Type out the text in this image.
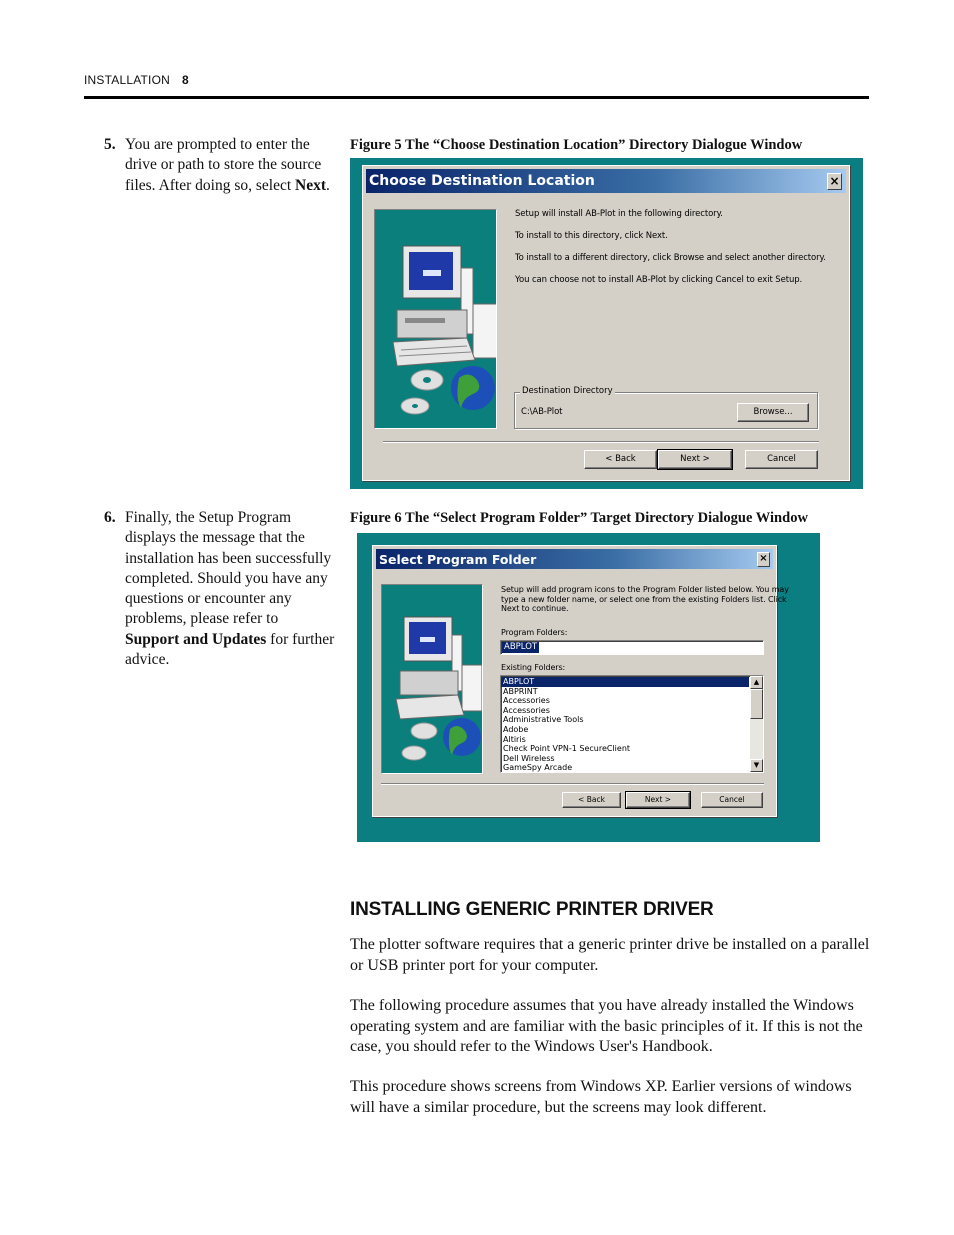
INSTALLATION 8
5. You are prompted to enter the drive or path to store the source files. After doing so, select Next.
Figure 5 The “Choose Destination Location” Directory Dialogue Window
Choose Destination Location	×
Setup will install AB-Plot in the following directory.
To install to this directory, click Next.
To install to a different directory, click Browse and select another directory.
You can choose not to install AB-Plot by clicking Cancel to exit Setup.
Destination Directory
C:\AB-Plot	Browse...
< Back	Next >	Cancel
6. Finally, the Setup Program displays the message that the installation has been successfully completed. Should you have any questions or encounter any problems, please refer to Support and Updates for further advice.
Figure 6 The “Select Program Folder” Target Directory Dialogue Window
Select Program Folder	×
Setup will add program icons to the Program Folder listed below. You may
type a new folder name, or select one from the existing Folders list. Click
Next to continue.
Program Folders:
ABPLOT
Existing Folders:
ABPLOT
ABPRINT
Accessories
Accessories
Administrative Tools
Adobe
Altiris
Check Point VPN-1 SecureClient
Dell Wireless
GameSpy Arcade
▲
▼
< Back	Next >	Cancel
INSTALLING GENERIC PRINTER DRIVER
The plotter software requires that a generic printer drive be installed on a parallel or USB printer port for your computer.
The following procedure assumes that you have already installed the Windows operating system and are familiar with the basic principles of it. If this is not the case, you should refer to the Windows User's Handbook.
This procedure shows screens from Windows XP. Earlier versions of windows will have a similar procedure, but the screens may look different.
